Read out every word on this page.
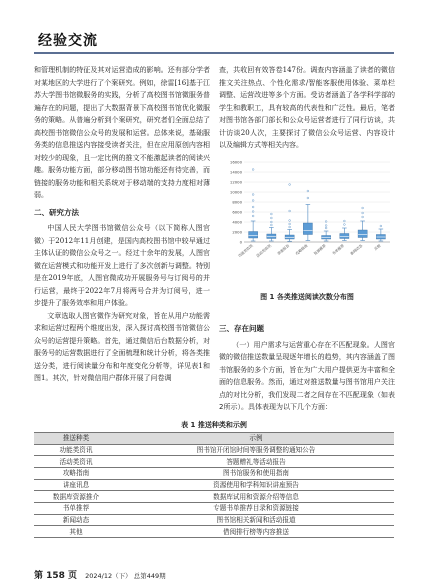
经验交流

和管理机制的特征及其对运营造成的影响。还有部分学者对某地区的大学进行了个案研究。例如，徐雷[16]基于江苏大学图书馆微服务的实践，分析了高校图书馆微服务普遍存在的问题，提出了大数据背景下高校图书馆优化微服务的策略。从普遍分析到个案研究，研究者们全面总结了高校图书馆微信公众号的发展和运营。总体来说，基础服务类的信息推送内容接受读者关注，但在应用原创内容相对较少的现象，且一定比例的推文不能激起读者的阅读兴趣。服务功能方面，部分移动图书馆功能还有待完善，而链接的服务功能和相关系统对于移动端的支持力度相对薄弱。

二、研究方法

中国人民大学图书馆微信公众号（以下简称人图官微）于2012年11月创建，是国内高校图书馆中较早通过主体认证的微信公众号之一。经过十余年的发展，人图官微在运营模式和功能开发上进行了多次创新与调整。特别是在2019年底，人图官微成功开展服务号与订阅号的并行运营，最终于2022年7月将两号合并为订阅号，进一步提升了服务效率和用户体验。

文章选取人图官微作为研究对象，旨在从用户功能需求和运营过程两个维度出发，深入探讨高校图书馆微信公众号的运营提升策略。首先，通过微信后台数据分析，对服务号的运营数据进行了全面梳理和统计分析，将各类推送分类，进行阅读量分布和年度变化分析等，详见表1和图1。其次，针对微信用户群体开展了问卷调

查，共收回有效答卷147份。调查内容涵盖了读者的微信推文关注热点、个性化需求/智能客服使用体验、菜单栏调整、运营改进等多个方面。受访者涵盖了各学科学部的学生和教职工，具有较高的代表性和广泛性。最后，笔者对图书馆各部门部长和公众号运营者进行了同行访谈，共计访谈20人次，主要探讨了微信公众号运营、内容设计以及编辑方式等相关内容。

三、存在问题

（一）用户需求与运营重心存在不匹配现象。人图官微的微信推送数量呈现逐年增长的趋势，其内容涵盖了图书馆服务的多个方面，旨在为广大用户提供更为丰富和全面的信息服务。然而，通过对推送数量与图书馆用户关注点的对比分析，我们发现二者之间存在不匹配现象（如表2所示）。具体表现为以下几个方面：

0
2000
4000
6000
8000
10000
12000
14000
16000
功能类资讯 活动类资讯 讲座报告 攻略指南 资源推荐 书单推荐 新闻动态	其他
图 1 各类推送阅读次数分布图
表 1 推送种类和示例
推送种类	示例
功能类资讯	图书馆开闭馆时间等服务调整的通知公告
活动类资讯	答题赠礼等活动报告
攻略指南	图书馆服务和使用指南
讲座讯息	资源使用和学科知识讲座预告
数据库资源推介	数据库试用和资源介绍等信息
书单推荐	专题书单推荐目录和资源链接
新闻动态	图书馆相关新闻和活动报道
其他	借阅排行榜等内容推送
第 158 页 2024/12（下） 总第449期
